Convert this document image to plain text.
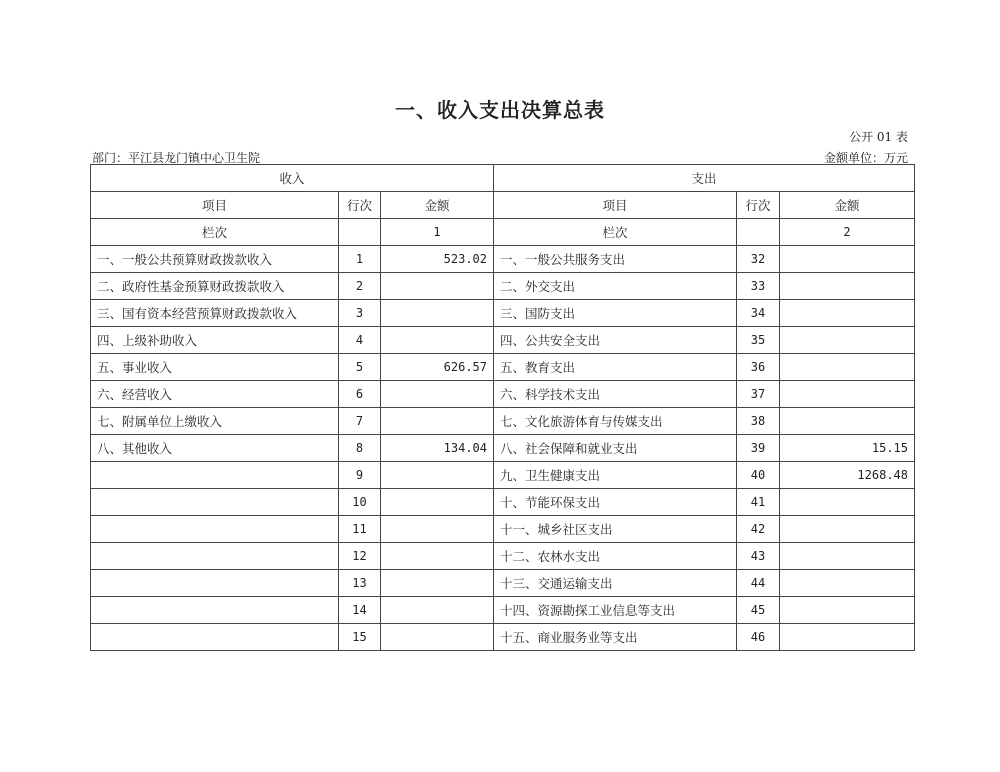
一、收入支出决算总表
公开 01 表
部门：平江县龙门镇中心卫生院	金额单位：万元
收入			支出		
项目	行次	金额	项目	行次	金额
栏次		1	栏次		2
一、一般公共预算财政拨款收入	1	523.02	一、一般公共服务支出	32	
二、政府性基金预算财政拨款收入	2		二、外交支出	33	
三、国有资本经营预算财政拨款收入	3		三、国防支出	34	
四、上级补助收入	4		四、公共安全支出	35	
五、事业收入	5	626.57	五、教育支出	36	
六、经营收入	6		六、科学技术支出	37	
七、附属单位上缴收入	7		七、文化旅游体育与传媒支出	38	
八、其他收入	8	134.04	八、社会保障和就业支出	39	15.15
	9		九、卫生健康支出	40	1268.48
	10		十、节能环保支出	41	
	11		十一、城乡社区支出	42	
	12		十二、农林水支出	43	
	13		十三、交通运输支出	44	
	14		十四、资源勘探工业信息等支出	45	
	15		十五、商业服务业等支出	46	
